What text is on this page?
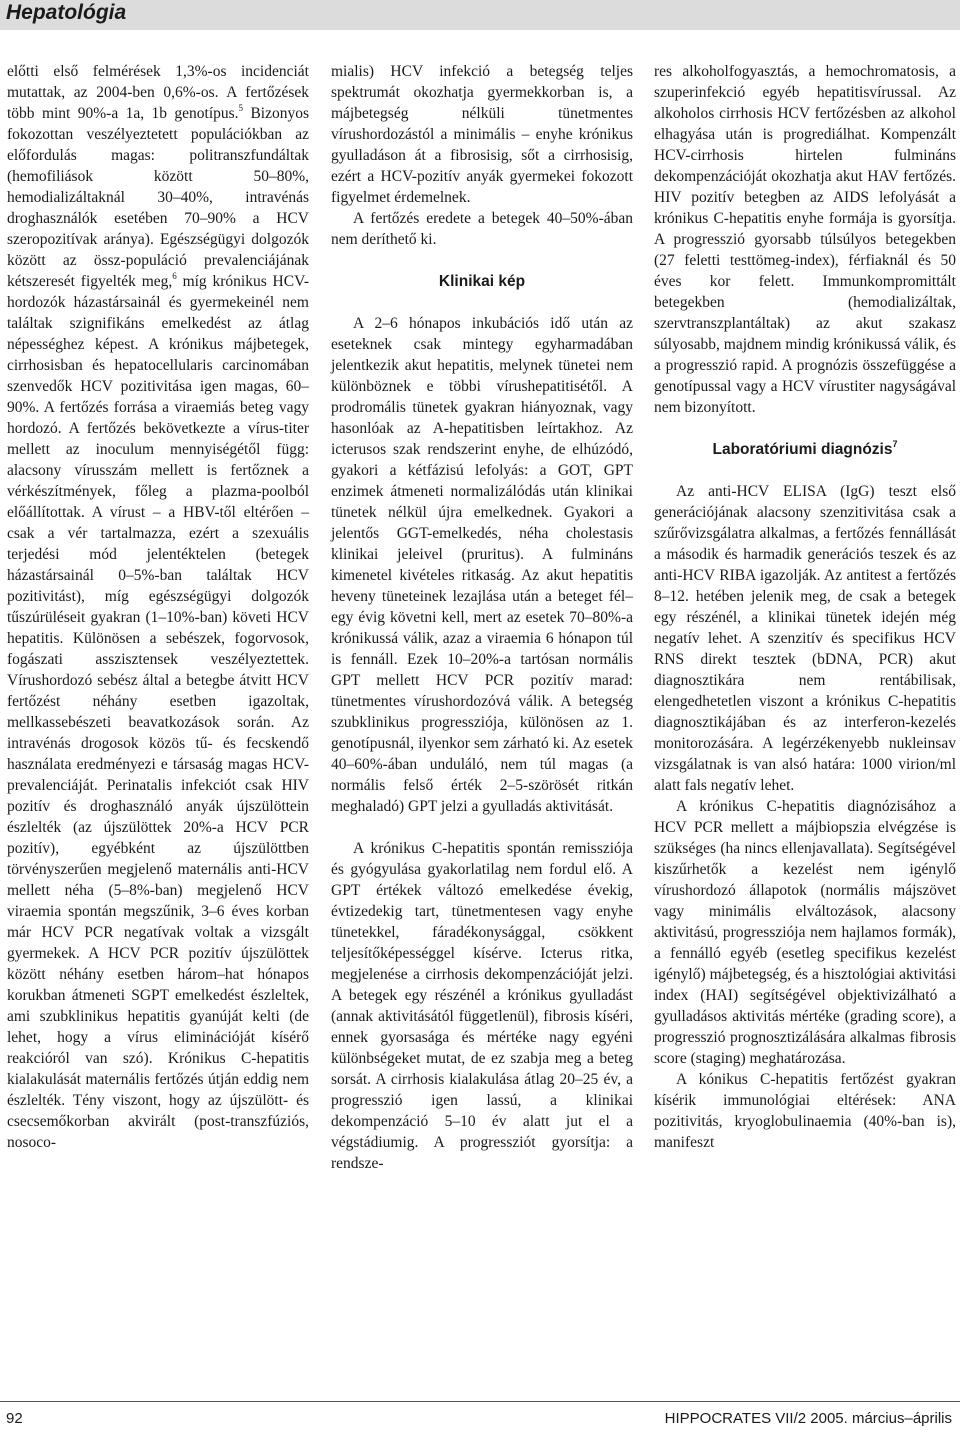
Hepatológia

előtti első felmérések 1,3%-os incidenciát mutattak, az 2004-ben 0,6%-os. A fertőzések több mint 90%-a 1a, 1b genotípus.$^5$ Bizonyos fokozottan veszélyeztetett populációkban az előfordulás magas: politranszfundáltak (hemofiliások között 50–80%, hemodializáltaknál 30–40%, intravénás droghasználók esetében 70–90% a HCV szeropozitívak aránya). Egészségügyi dolgozók között az össz-populáció prevalenciájának kétszeresét figyelték meg,$^6$ míg krónikus HCV-hordozók házastársainál és gyermekeinél nem találtak szignifikáns emelkedést az átlag népességhez képest. A krónikus májbetegek, cirrhosisban és hepatocellularis carcinomában szenvedők HCV pozitivitása igen magas, 60–90%. A fertőzés forrása a viraemiás beteg vagy hordozó. A fertőzés bekövetkezte a vírus-titer mellett az inoculum mennyiségétől függ: alacsony vírusszám mellett is fertőznek a vérkészítmények, főleg a plazma-poolból előállítottak. A vírust – a HBV-től eltérően – csak a vér tartalmazza, ezért a szexuális terjedési mód jelentéktelen (betegek házastársainál 0–5%-ban találtak HCV pozitivitást), míg egészségügyi dolgozók tűszúrüléseit gyakran (1–10%-ban) követi HCV hepatitis. Különösen a sebészek, fogorvosok, fogászati asszisztensek veszélyeztettek. Vírushordozó sebész által a betegbe átvitt HCV fertőzést néhány esetben igazoltak, mellkassebészeti beavatkozások során. Az intravénás drogosok közös tű- és fecskendő használata eredményezi e társaság magas HCV-prevalenciáját. Perinatalis infekciót csak HIV pozitív és droghasználó anyák újszülöttein észlelték (az újszülöttek 20%-a HCV PCR pozitív), egyébként az újszülöttben törvényszerűen megjelenő maternális anti-HCV mellett néha (5–8%-ban) megjelenő HCV viraemia spontán megszűnik, 3–6 éves korban már HCV PCR negatívak voltak a vizsgált gyermekek. A HCV PCR pozitív újszülöttek között néhány esetben három–hat hónapos korukban átmeneti SGPT emelkedést észleltek, ami szubklinikus hepatitis gyanúját kelti (de lehet, hogy a vírus eliminációját kísérő reakcióról van szó). Krónikus C-hepatitis kialakulását maternális fertőzés útján eddig nem észlelték. Tény viszont, hogy az újszülött- és csecsemőkorban akvirált (post-transzfúziós, nosoco-

mialis) HCV infekció a betegség teljes spektrumát okozhatja gyermekkorban is, a májbetegség nélküli tünetmentes vírushordozástól a minimális – enyhe krónikus gyulladáson át a fibrosisig, sőt a cirrhosisig, ezért a HCV-pozitív anyák gyermekei fokozott figyelmet érdemelnek.

A fertőzés eredete a betegek 40–50%-ában nem deríthető ki.

Klinikai kép

A 2–6 hónapos inkubációs idő után az eseteknek csak mintegy egyharmadában jelentkezik akut hepatitis, melynek tünetei nem különböznek e többi vírushepatitisétől. A prodromális tünetek gyakran hiányoznak, vagy hasonlóak az A-hepatitisben leírtakhoz. Az icterusos szak rendszerint enyhe, de elhúzódó, gyakori a kétfázisú lefolyás: a GOT, GPT enzimek átmeneti normalizálódás után klinikai tünetek nélkül újra emelkednek. Gyakori a jelentős GGT-emelkedés, néha cholestasis klinikai jeleivel (pruritus). A fulmináns kimenetel kivételes ritkaság. Az akut hepatitis heveny tüneteinek lezajlása után a beteget fél–egy évig követni kell, mert az esetek 70–80%-a krónikussá válik, azaz a viraemia 6 hónapon túl is fennáll. Ezek 10–20%-a tartósan normális GPT mellett HCV PCR pozitív marad: tünetmentes vírushordozóvá válik. A betegség szubklinikus progressziója, különösen az 1. genotípusnál, ilyenkor sem zárható ki. Az esetek 40–60%-ában unduláló, nem túl magas (a normális felső érték 2–5-szörösét ritkán meghaladó) GPT jelzi a gyulladás aktivitását.

A krónikus C-hepatitis spontán remissziója és gyógyulása gyakorlatilag nem fordul elő. A GPT értékek változó emelkedése évekig, évtizedekig tart, tünetmentesen vagy enyhe tünetekkel, fáradékonysággal, csökkent teljesítőképességgel kísérve. Icterus ritka, megjelenése a cirrhosis dekompenzációját jelzi. A betegek egy részénél a krónikus gyulladást (annak aktivitásától függetlenül), fibrosis kíséri, ennek gyorsasága és mértéke nagy egyéni különbségeket mutat, de ez szabja meg a beteg sorsát. A cirrhosis kialakulása átlag 20–25 év, a progresszió igen lassú, a klinikai dekompenzáció 5–10 év alatt jut el a végstádiumig. A progressziót gyorsítja: a rendsze-

res alkoholfogyasztás, a hemochromatosis, a szuperinfekció egyéb hepatitisvírussal. Az alkoholos cirrhosis HCV fertőzésben az alkohol elhagyása után is progrediálhat. Kompenzált HCV-cirrhosis hirtelen fulmináns dekompenzációját okozhatja akut HAV fertőzés. HIV pozitív betegben az AIDS lefolyását a krónikus C-hepatitis enyhe formája is gyorsítja. A progresszió gyorsabb túlsúlyos betegekben (27 feletti testtömeg-index), férfiaknál és 50 éves kor felett. Immunkompromittált betegekben (hemodializáltak, szervtranszplantáltak) az akut szakasz súlyosabb, majdnem mindig krónikussá válik, és a progresszió rapid. A prognózis összefüggése a genotípussal vagy a HCV vírustiter nagyságával nem bizonyított.

Laboratóriumi diagnózis$^7$

Az anti-HCV ELISA (IgG) teszt első generációjának alacsony szenzitivitása csak a szűrővizsgálatra alkalmas, a fertőzés fennállását a második és harmadik generációs teszek és az anti-HCV RIBA igazolják. Az antitest a fertőzés 8–12. hetében jelenik meg, de csak a betegek egy részénél, a klinikai tünetek idején még negatív lehet. A szenzitív és specifikus HCV RNS direkt tesztek (bDNA, PCR) akut diagnosztikára nem rentábilisak, elengedhetetlen viszont a krónikus C-hepatitis diagnosztikájában és az interferon-kezelés monitorozására. A legérzékenyebb nukleinsav vizsgálatnak is van alsó határa: 1000 virion/ml alatt fals negatív lehet.

A krónikus C-hepatitis diagnózisához a HCV PCR mellett a májbiopszia elvégzése is szükséges (ha nincs ellenjavallata). Segítségével kiszűrhetők a kezelést nem igénylő vírushordozó állapotok (normális májszövet vagy minimális elváltozások, alacsony aktivitású, progressziója nem hajlamos formák), a fennálló egyéb (esetleg specifikus kezelést igénylő) májbetegség, és a hisztológiai aktivitási index (HAI) segítségével objektivizálható a gyulladásos aktivitás mértéke (grading score), a progresszió prognosztizálására alkalmas fibrosis score (staging) meghatározása.

A kónikus C-hepatitis fertőzést gyakran kísérik immunológiai eltérések: ANA pozitivitás, kryoglobulinaemia (40%-ban is), manifeszt

92	HIPPOCRATES VII/2 2005. március–április
